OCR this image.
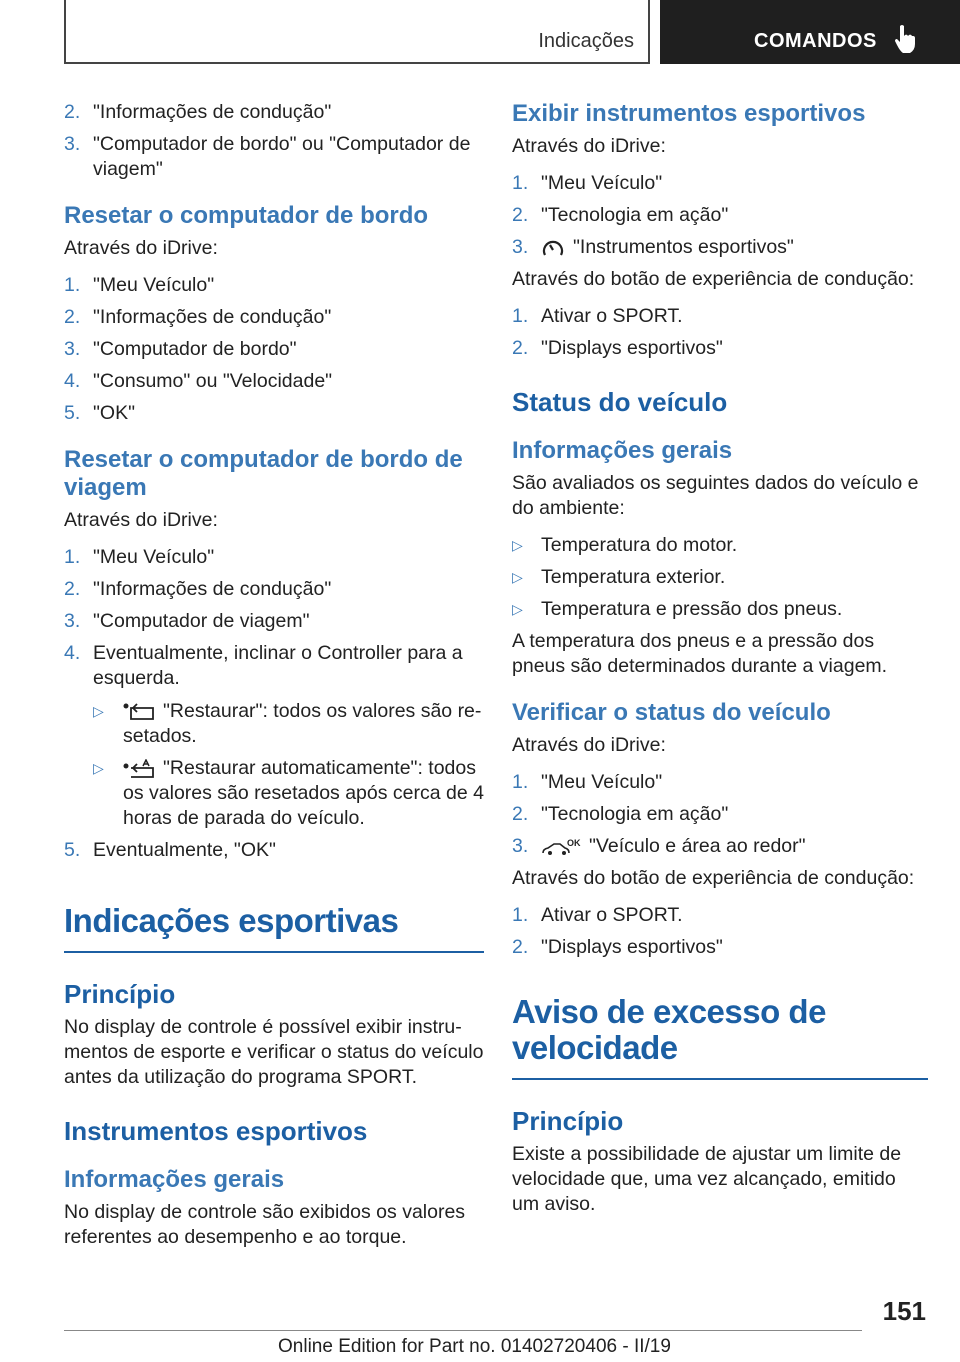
Indicações	COMANDOS
2. "Informações de condução"
3. "Computador de bordo" ou "Computador de viagem"
Resetar o computador de bordo

Através do iDrive:

1. "Meu Veículo"
2. "Informações de condução"
3. "Computador de bordo"
4. "Consumo" ou "Velocidade"
5. "OK"
Resetar o computador de bordo de viagem

Através do iDrive:

1. "Meu Veículo"
2. "Informações de condução"
3. "Computador de viagem"
4. Eventualmente, inclinar o Controller para a esquerda.
▷	"Restaurar": todos os valores são resetados.
▷	"Restaurar automaticamente": todos os valores são resetados após cerca de 4 horas de parada do veículo.
5. Eventualmente, "OK"
Indicações esportivas
Princípio

No display de controle é possível exibir instrumentos de esporte e verificar o status do veículo antes da utilização do programa SPORT.

Instrumentos esportivos
Informações gerais

No display de controle são exibidos os valores referentes ao desempenho e ao torque.

Exibir instrumentos esportivos

Através do iDrive:

1. "Meu Veículo"
2. "Tecnologia em ação"
3. "Instrumentos esportivos"

Através do botão de experiência de condução:

1. Ativar o SPORT.
2. "Displays esportivos"
Status do veículo
Informações gerais

São avaliados os seguintes dados do veículo e do ambiente:

▷ Temperatura do motor.
▷ Temperatura exterior.
▷ Temperatura e pressão dos pneus.

A temperatura dos pneus e a pressão dos pneus são determinados durante a viagem.

Verificar o status do veículo

Através do iDrive:

1. "Meu Veículo"
2. "Tecnologia em ação"
3.	OK "Veículo e área ao redor"

Através do botão de experiência de condução:

1. Ativar o SPORT.
2. "Displays esportivos"
Aviso de excesso de velocidade
Princípio

Existe a possibilidade de ajustar um limite de velocidade que, uma vez alcançado, emitido um aviso.

151
Online Edition for Part no. 01402720406 - II/19
